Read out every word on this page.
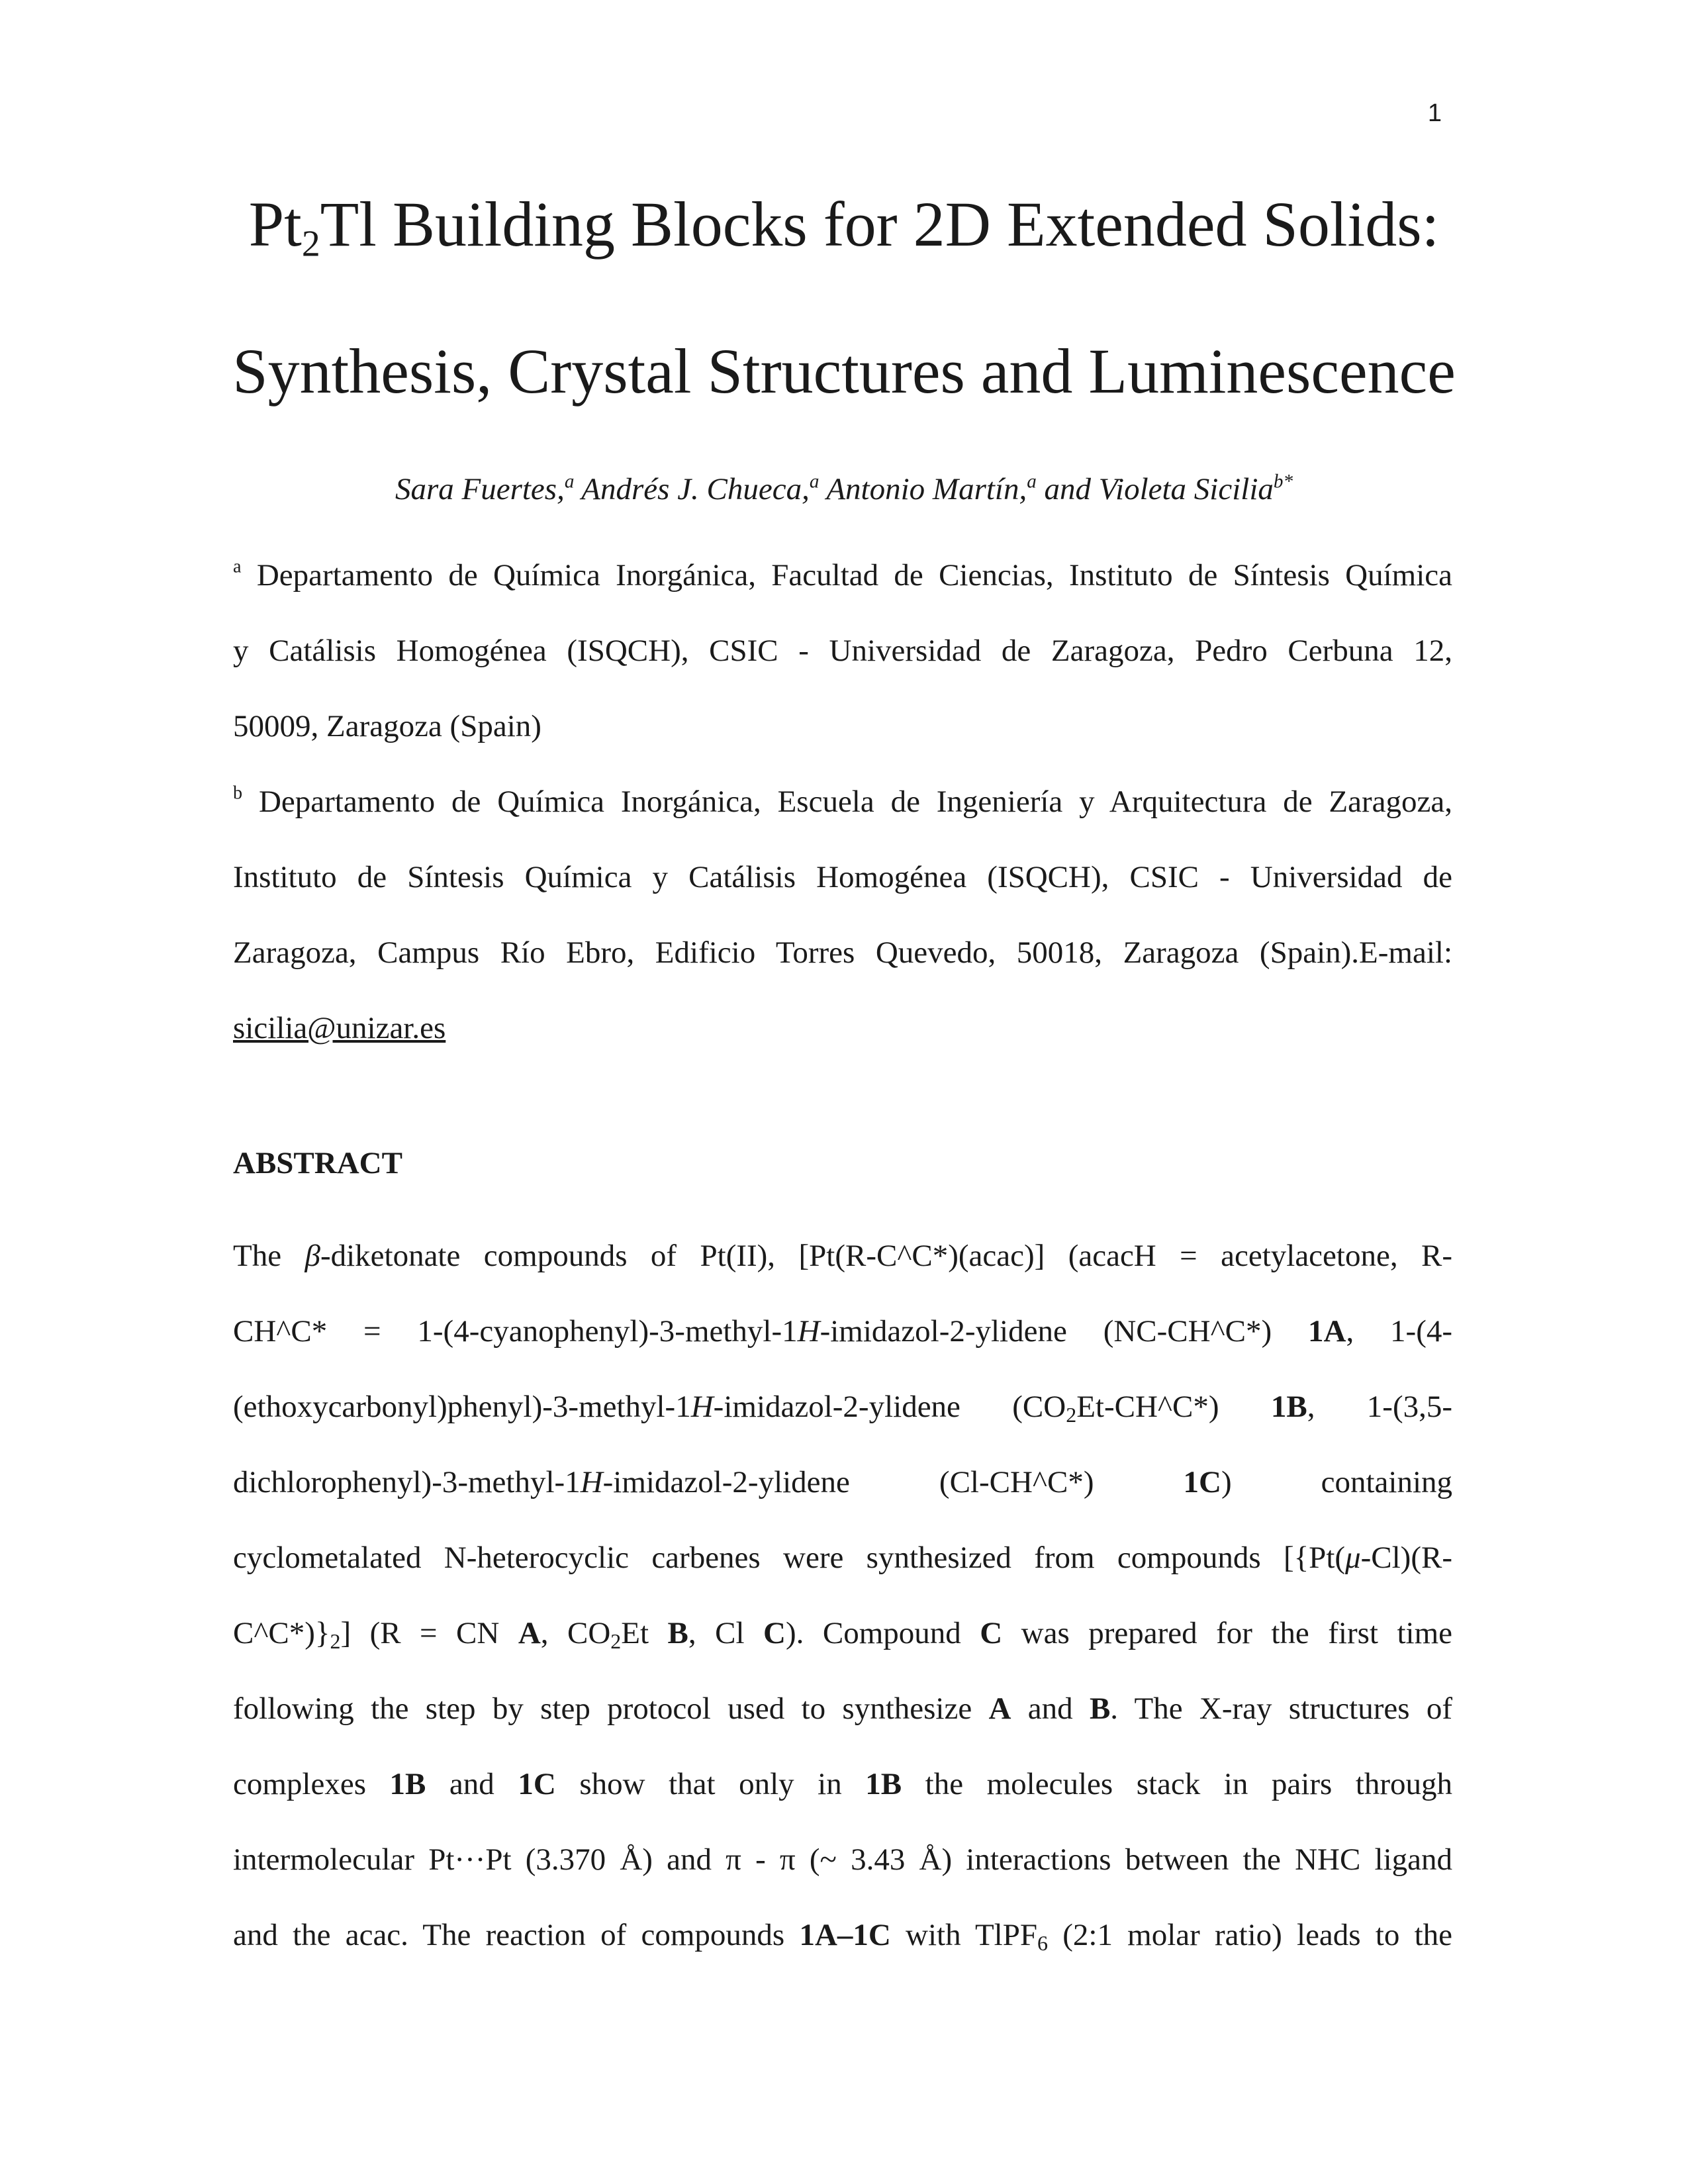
1
$Pt_2Tl$ Building Blocks for 2D Extended Solids:
Synthesis, Crystal Structures and Luminescence
Sara Fuertes,$^a$ Andrés J. Chueca,$^a$ Antonio Martín,$^a$ and Violeta Sicilia$^{b*}$
$^a$ Departamento de Química Inorgánica, Facultad de Ciencias, Instituto de Síntesis Química
y Catálisis Homogénea (ISQCH), CSIC - Universidad de Zaragoza, Pedro Cerbuna 12,
50009, Zaragoza (Spain)
$^b$ Departamento de Química Inorgánica, Escuela de Ingeniería y Arquitectura de Zaragoza,
Instituto de Síntesis Química y Catálisis Homogénea (ISQCH), CSIC - Universidad de
Zaragoza, Campus Río Ebro, Edificio Torres Quevedo, 50018, Zaragoza (Spain).E-mail:
sicilia@unizar.es
ABSTRACT
The β-diketonate compounds of Pt(II), [Pt(R-C^C*)(acac)] (acacH = acetylacetone, R-
CH^C* = 1-(4-cyanophenyl)-3-methyl-1H-imidazol-2-ylidene (NC-CH^C*) 1A, 1-(4-
(ethoxycarbonyl)phenyl)-3-methyl-1H-imidazol-2-ylidene $(CO_2Et-CH\^{}C*)$ 1B, 1-(3,5-
dichlorophenyl)-3-methyl-1H-imidazol-2-ylidene	(Cl-CH^C*)	1C)	containing
cyclometalated N-heterocyclic carbenes were synthesized from compounds [{Pt(μ-Cl)(R-
$C\^{}C*)\}_2$] (R = CN A, $CO_2Et$ B, Cl C). Compound C was prepared for the first time
following the step by step protocol used to synthesize A and B. The X-ray structures of
complexes 1B and 1C show that only in 1B the molecules stack in pairs through
intermolecular Pt···Pt (3.370 Å) and π - π (~ 3.43 Å) interactions between the NHC ligand
and the acac. The reaction of compounds 1A–1C with TlPF$_6$ (2:1 molar ratio) leads to the
